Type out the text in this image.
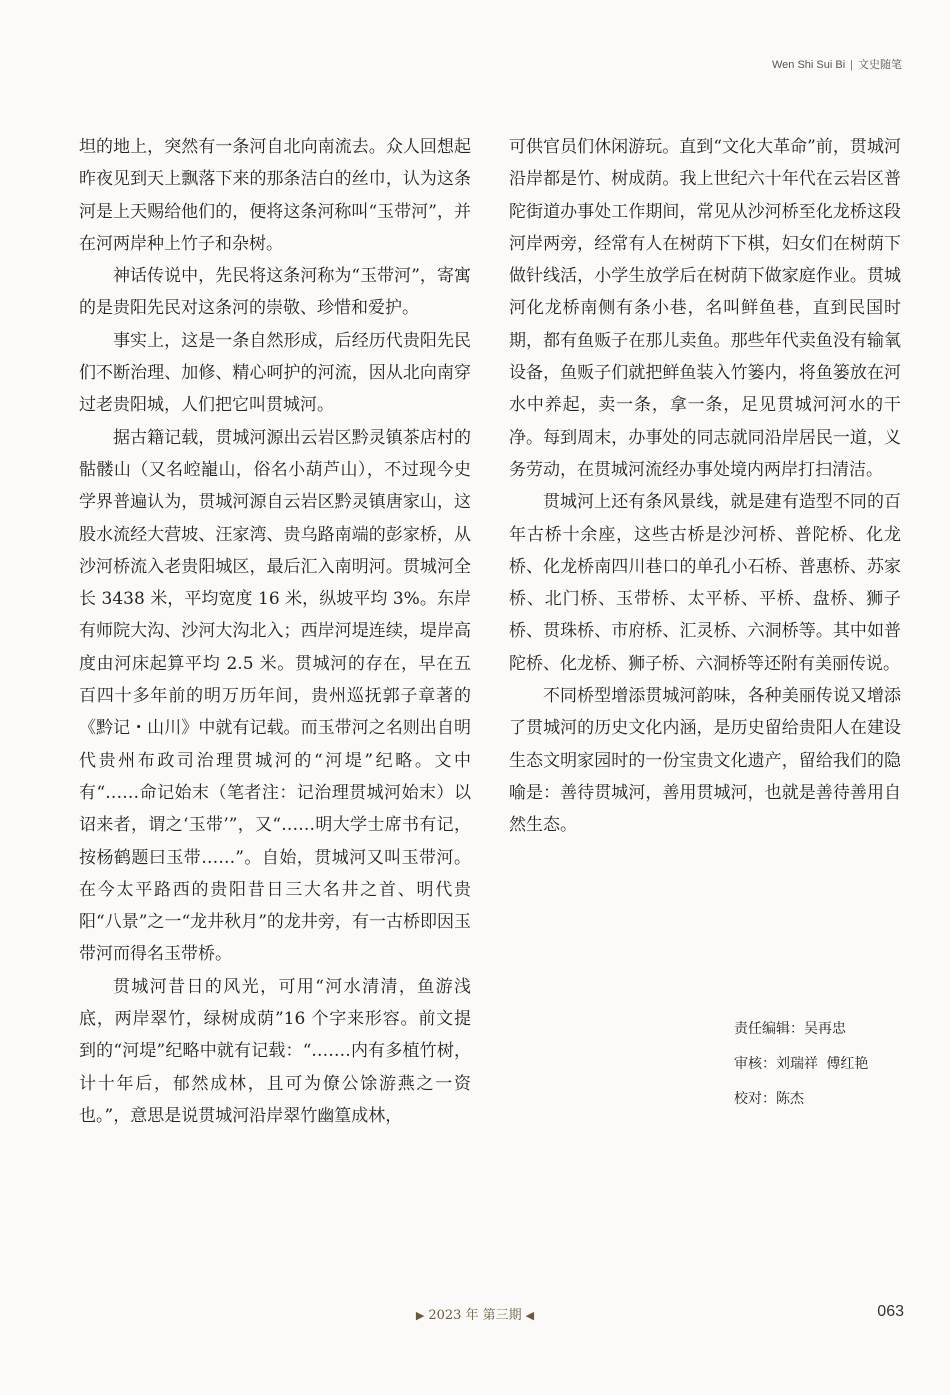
Wen Shi Sui Bi | 文史随笔

坦的地上，突然有一条河自北向南流去。众人回想起昨夜见到天上飘落下来的那条洁白的丝巾，认为这条河是上天赐给他们的，便将这条河称叫“玉带河”，并在河两岸种上竹子和杂树。

神话传说中，先民将这条河称为“玉带河”，寄寓的是贵阳先民对这条河的崇敬、珍惜和爱护。

事实上，这是一条自然形成，后经历代贵阳先民们不断治理、加修、精心呵护的河流，因从北向南穿过老贵阳城，人们把它叫贯城河。

据古籍记载，贯城河源出云岩区黔灵镇茶店村的骷髅山（又名崆巃山，俗名小葫芦山），不过现今史学界普遍认为，贯城河源自云岩区黔灵镇唐家山，这股水流经大营坡、汪家湾、贵乌路南端的彭家桥，从沙河桥流入老贵阳城区，最后汇入南明河。贯城河全长 3438 米，平均宽度 16 米，纵坡平均 3%。东岸有师院大沟、沙河大沟北入；西岸河堤连续，堤岸高度由河床起算平均 2.5 米。贯城河的存在，早在五百四十多年前的明万历年间，贵州巡抚郭子章著的《黔记・山川》中就有记载。而玉带河之名则出自明代贵州布政司治理贯城河的“河堤”纪略。文中有“……命记始末（笔者注：记治理贯城河始末）以诏来者，谓之‘玉带’”，又“……明大学士席书有记，按杨鹤题曰玉带……”。自始，贯城河又叫玉带河。在今太平路西的贵阳昔日三大名井之首、明代贵阳“八景”之一“龙井秋月”的龙井旁，有一古桥即因玉带河而得名玉带桥。

贯城河昔日的风光，可用“河水清清，鱼游浅底，两岸翠竹，绿树成荫”16 个字来形容。前文提到的“河堤”纪略中就有记载：“.……内有多植竹树，计十年后，郁然成林，且可为僚公馀游燕之一资也。”，意思是说贯城河沿岸翠竹幽篁成林，

可供官员们休闲游玩。直到“文化大革命”前，贯城河沿岸都是竹、树成荫。我上世纪六十年代在云岩区普陀街道办事处工作期间，常见从沙河桥至化龙桥这段河岸两旁，经常有人在树荫下下棋，妇女们在树荫下做针线活，小学生放学后在树荫下做家庭作业。贯城河化龙桥南侧有条小巷，名叫鲜鱼巷，直到民国时期，都有鱼贩子在那儿卖鱼。那些年代卖鱼没有输氧设备，鱼贩子们就把鲜鱼装入竹篓内，将鱼篓放在河水中养起，卖一条，拿一条，足见贯城河河水的干净。每到周末，办事处的同志就同沿岸居民一道，义务劳动，在贯城河流经办事处境内两岸打扫清洁。

贯城河上还有条风景线，就是建有造型不同的百年古桥十余座，这些古桥是沙河桥、普陀桥、化龙桥、化龙桥南四川巷口的单孔小石桥、普惠桥、苏家桥、北门桥、玉带桥、太平桥、平桥、盘桥、狮子桥、贯珠桥、市府桥、汇灵桥、六洞桥等。其中如普陀桥、化龙桥、狮子桥、六洞桥等还附有美丽传说。

不同桥型增添贯城河韵味，各种美丽传说又增添了贯城河的历史文化内涵，是历史留给贵阳人在建设生态文明家园时的一份宝贵文化遗产，留给我们的隐喻是：善待贯城河，善用贯城河，也就是善待善用自然生态。

责任编辑：吴再忠
审核：刘瑞祥 傅红艳
校对：陈杰
▶ 2023 年 第三期 ◀	063
